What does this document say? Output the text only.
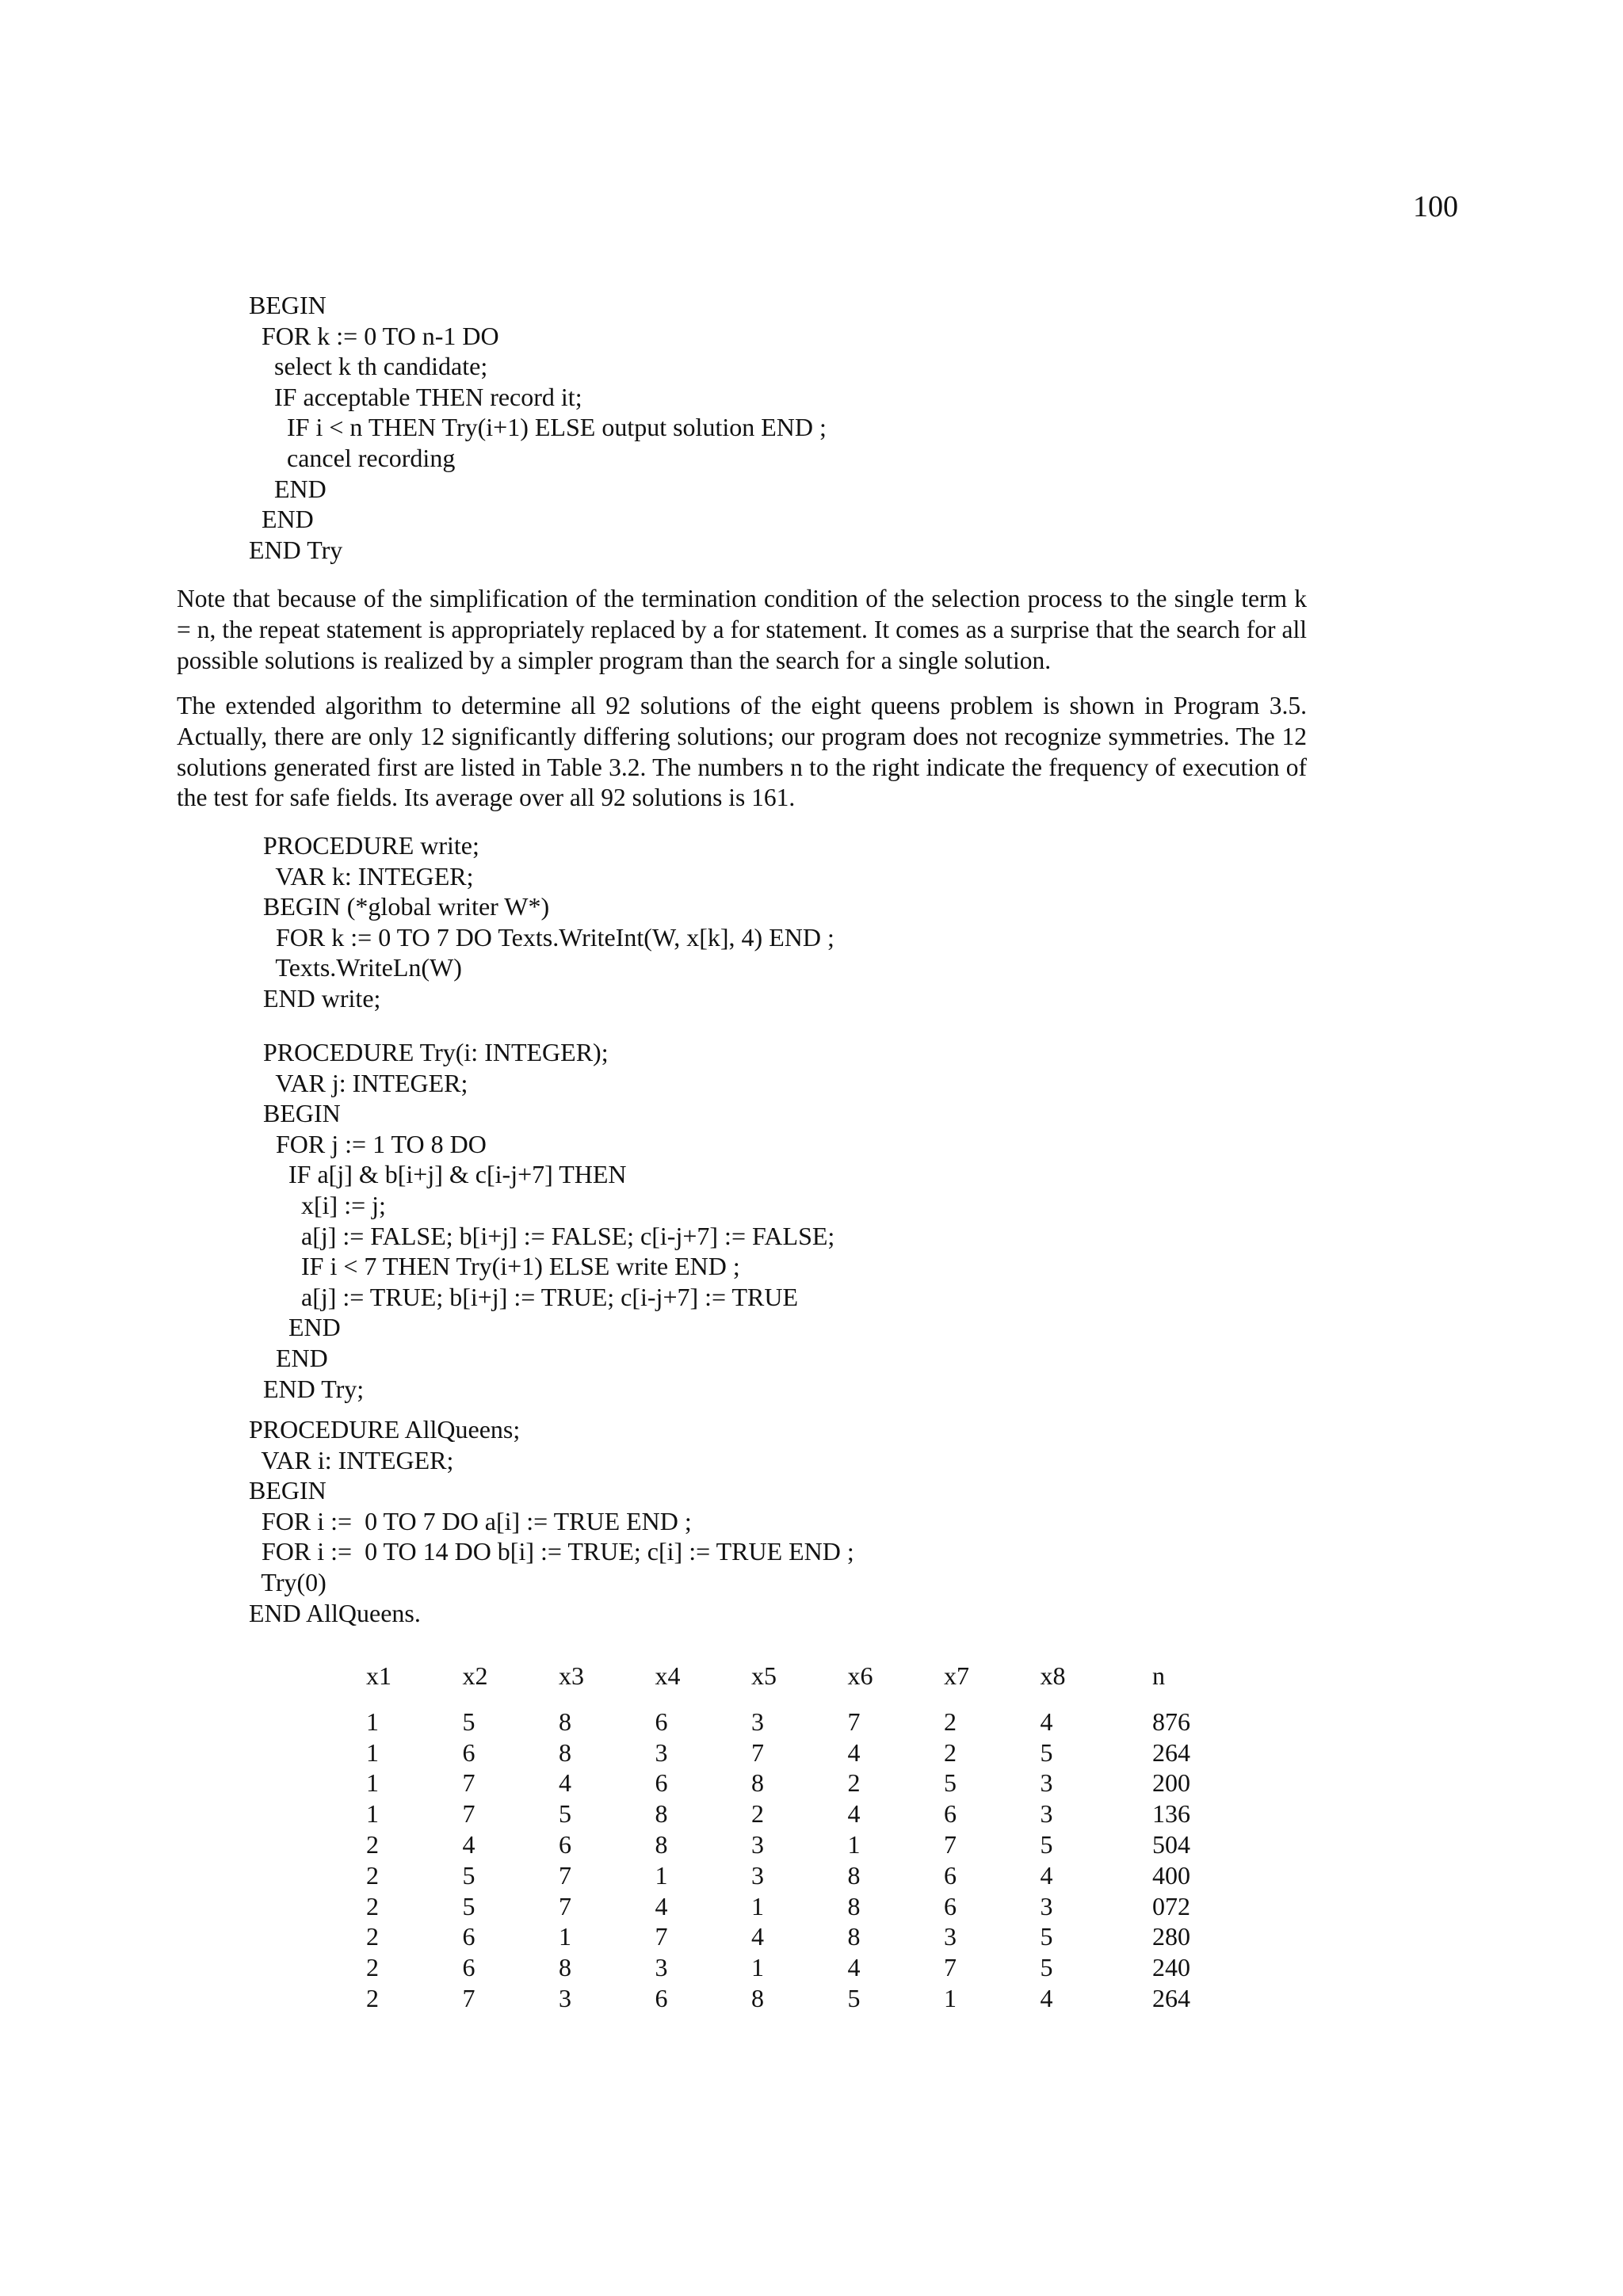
100
BEGIN
FOR k := 0 TO n-1 DO
select k th candidate;
IF acceptable THEN record it;
IF i < n THEN Try(i+1) ELSE output solution END ;
cancel recording
END
END
END Try

Note that because of the simplification of the termination condition of the selection process to the single term k = n, the repeat statement is appropriately replaced by a for statement. It comes as a surprise that the search for all possible solutions is realized by a simpler program than the search for a single solution.

The extended algorithm to determine all 92 solutions of the eight queens problem is shown in Program 3.5. Actually, there are only 12 significantly differing solutions; our program does not recognize symmetries. The 12 solutions generated first are listed in Table 3.2. The numbers n to the right indicate the frequency of execution of the test for safe fields. Its average over all 92 solutions is 161.

PROCEDURE write;
VAR k: INTEGER;
BEGIN (*global writer W*)
FOR k := 0 TO 7 DO Texts.WriteInt(W, x[k], 4) END ;
Texts.WriteLn(W)
END write;
PROCEDURE Try(i: INTEGER);
VAR j: INTEGER;
BEGIN
FOR j := 1 TO 8 DO
IF a[j] & b[i+j] & c[i-j+7] THEN
x[i] := j;
a[j] := FALSE; b[i+j] := FALSE; c[i-j+7] := FALSE;
IF i < 7 THEN Try(i+1) ELSE write END ;
a[j] := TRUE; b[i+j] := TRUE; c[i-j+7] := TRUE
END
END
END Try;
PROCEDURE AllQueens;
VAR i: INTEGER;
BEGIN
FOR i :=  0 TO 7 DO a[i] := TRUE END ;
FOR i :=  0 TO 14 DO b[i] := TRUE; c[i] := TRUE END ;
Try(0)
END AllQueens.
x1	x2	x3	x4	x5	x6	x7	x8	n
1	5	8	6	3	7	2	4	876
1	6	8	3	7	4	2	5	264
1	7	4	6	8	2	5	3	200
1	7	5	8	2	4	6	3	136
2	4	6	8	3	1	7	5	504
2	5	7	1	3	8	6	4	400
2	5	7	4	1	8	6	3	072
2	6	1	7	4	8	3	5	280
2	6	8	3	1	4	7	5	240
2	7	3	6	8	5	1	4	264
